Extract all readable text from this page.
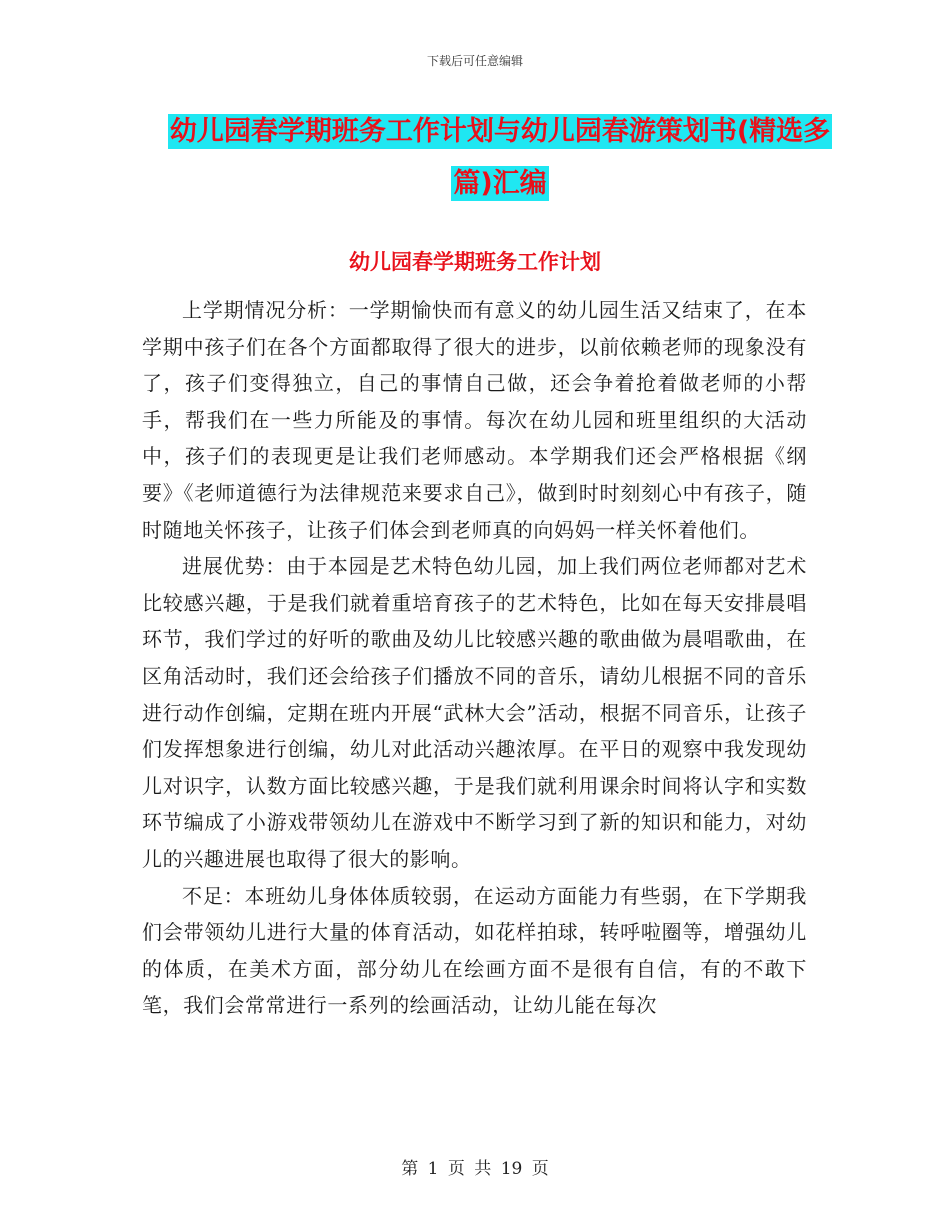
下载后可任意编辑
幼儿园春学期班务工作计划与幼儿园春游策划书(精选多篇)汇编
幼儿园春学期班务工作计划

上学期情况分析：一学期愉快而有意义的幼儿园生活又结束了，在本学期中孩子们在各个方面都取得了很大的进步，以前依赖老师的现象没有了，孩子们变得独立，自己的事情自己做，还会争着抢着做老师的小帮手，帮我们在一些力所能及的事情。每次在幼儿园和班里组织的大活动中，孩子们的表现更是让我们老师感动。本学期我们还会严格根据《纲要》《老师道德行为法律规范来要求自己》，做到时时刻刻心中有孩子，随时随地关怀孩子，让孩子们体会到老师真的向妈妈一样关怀着他们。

进展优势：由于本园是艺术特色幼儿园，加上我们两位老师都对艺术比较感兴趣，于是我们就着重培育孩子的艺术特色，比如在每天安排晨唱环节，我们学过的好听的歌曲及幼儿比较感兴趣的歌曲做为晨唱歌曲，在区角活动时，我们还会给孩子们播放不同的音乐，请幼儿根据不同的音乐进行动作创编，定期在班内开展“武林大会”活动，根据不同音乐，让孩子们发挥想象进行创编，幼儿对此活动兴趣浓厚。在平日的观察中我发现幼儿对识字，认数方面比较感兴趣，于是我们就利用课余时间将认字和实数环节编成了小游戏带领幼儿在游戏中不断学习到了新的知识和能力，对幼儿的兴趣进展也取得了很大的影响。

不足：本班幼儿身体体质较弱，在运动方面能力有些弱，在下学期我们会带领幼儿进行大量的体育活动，如花样拍球，转呼啦圈等，增强幼儿的体质，在美术方面，部分幼儿在绘画方面不是很有自信，有的不敢下笔，我们会常常进行一系列的绘画活动，让幼儿能在每次

第 1 页 共 19 页
